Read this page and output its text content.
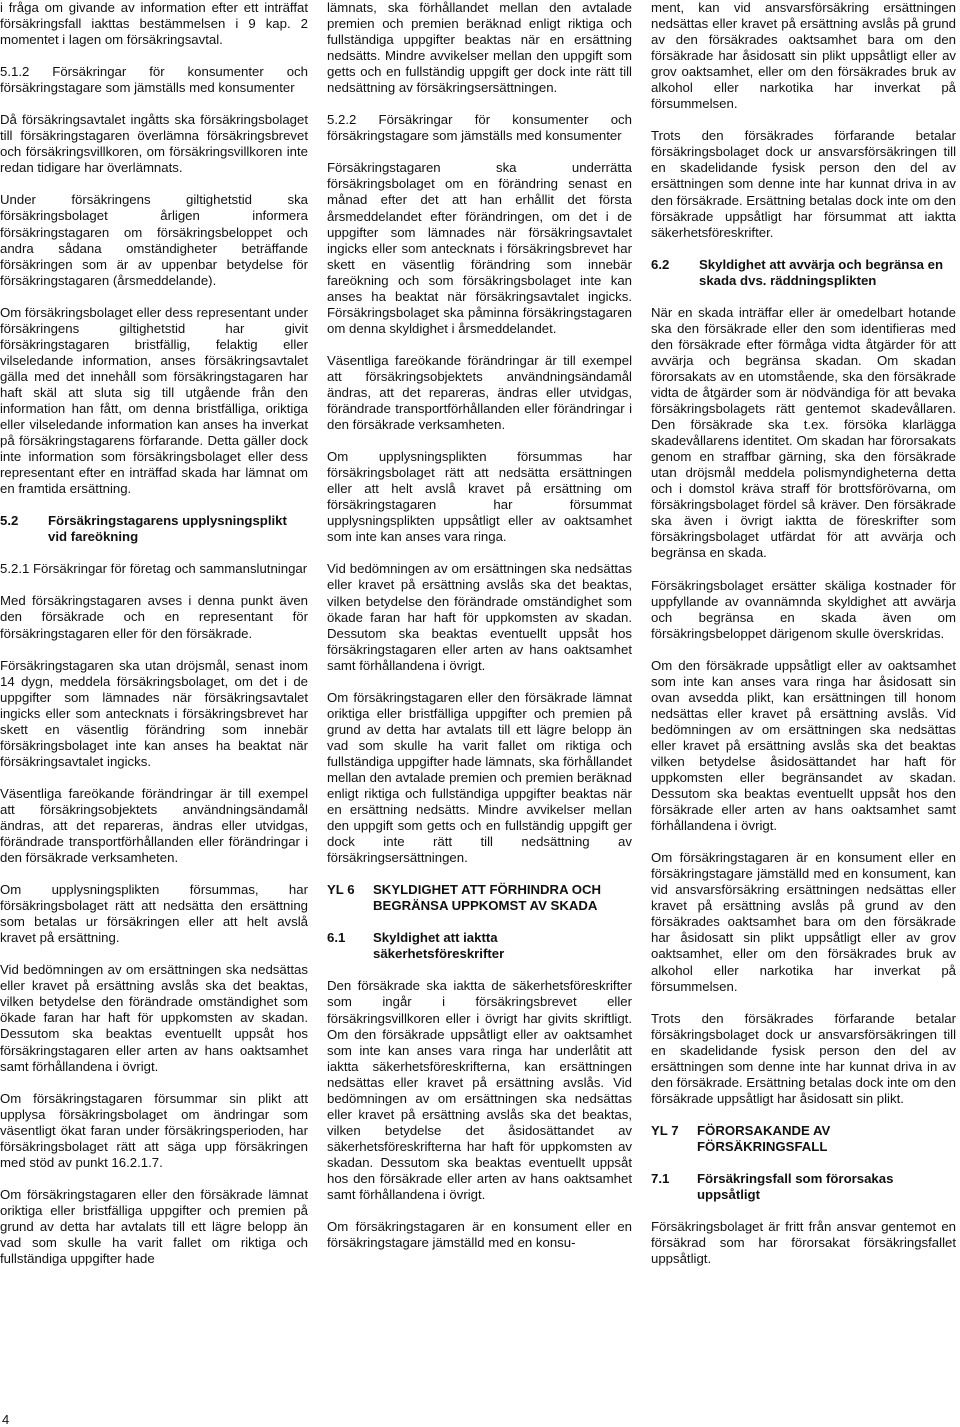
i fråga om givande av information efter ett inträffat försäkringsfall iakttas bestämmelsen i 9 kap. 2 momentet i lagen om försäkringsavtal.

5.1.2 Försäkringar för konsumenter och försäkringstagare som jämställs med konsumenter

Då försäkringsavtalet ingåtts ska försäkringsbolaget till försäkringstagaren överlämna försäkringsbrevet och försäkringsvillkoren, om försäkringsvillkoren inte redan tidigare har överlämnats.

Under försäkringens giltighetstid ska försäkringsbolaget årligen informera försäkringstagaren om försäkringsbeloppet och andra sådana omständigheter beträffande försäkringen som är av uppenbar betydelse för försäkringstagaren (årsmeddelande).

Om försäkringsbolaget eller dess representant under försäkringens giltighetstid har givit försäkringstagaren bristfällig, felaktig eller vilseledande information, anses försäkringsavtalet gälla med det innehåll som försäkringstagaren har haft skäl att sluta sig till utgående från den information han fått, om denna bristfälliga, oriktiga eller vilseledande information kan anses ha inverkat på försäkringstagarens förfarande. Detta gäller dock inte information som försäkringsbolaget eller dess representant efter en inträffad skada har lämnat om en framtida ersättning.

5.2	Försäkringstagarens upplysningsplikt vid fareökning

5.2.1 Försäkringar för företag och sammanslutningar

Med försäkringstagaren avses i denna punkt även den försäkrade och en representant för försäkringstagaren eller för den försäkrade.

Försäkringstagaren ska utan dröjsmål, senast inom 14 dygn, meddela försäkringsbolaget, om det i de uppgifter som lämnades när försäkringsavtalet ingicks eller som antecknats i försäkringsbrevet har skett en väsentlig förändring som innebär försäkringsbolaget inte kan anses ha beaktat när försäkringsavtalet ingicks.

Väsentliga fareökande förändringar är till exempel att försäkringsobjektets användningsändamål ändras, att det repareras, ändras eller utvidgas, förändrade transportförhållanden eller förändringar i den försäkrade verksamheten.

Om upplysningsplikten försummas, har försäkringsbolaget rätt att nedsätta den ersättning som betalas ur försäkringen eller att helt avslå kravet på ersättning.

Vid bedömningen av om ersättningen ska nedsättas eller kravet på ersättning avslås ska det beaktas, vilken betydelse den förändrade omständighet som ökade faran har haft för uppkomsten av skadan. Dessutom ska beaktas eventuellt uppsåt hos försäkringstagaren eller arten av hans oaktsamhet samt förhållandena i övrigt.

Om försäkringstagaren försummar sin plikt att upplysa försäkringsbolaget om ändringar som väsentligt ökat faran under försäkringsperioden, har försäkringsbolaget rätt att säga upp försäkringen med stöd av punkt 16.2.1.7.

Om försäkringstagaren eller den försäkrade lämnat oriktiga eller bristfälliga uppgifter och premien på grund av detta har avtalats till ett lägre belopp än vad som skulle ha varit fallet om riktiga och fullständiga uppgifter hade

lämnats, ska förhållandet mellan den avtalade premien och premien beräknad enligt riktiga och fullständiga uppgifter beaktas när en ersättning nedsätts. Mindre avvikelser mellan den uppgift som getts och en fullständig uppgift ger dock inte rätt till nedsättning av försäkringsersättningen.

5.2.2 Försäkringar för konsumenter och försäkringstagare som jämställs med konsumenter

Försäkringstagaren ska underrätta försäkringsbolaget om en förändring senast en månad efter det att han erhållit det första årsmeddelandet efter förändringen, om det i de uppgifter som lämnades när försäkringsavtalet ingicks eller som antecknats i försäkringsbrevet har skett en väsentlig förändring som innebär fareökning och som försäkringsbolaget inte kan anses ha beaktat när försäkringsavtalet ingicks. Försäkringsbolaget ska påminna försäkringstagaren om denna skyldighet i årsmeddelandet.

Väsentliga fareökande förändringar är till exempel att försäkringsobjektets användningsändamål ändras, att det repareras, ändras eller utvidgas, förändrade transportförhållanden eller förändringar i den försäkrade verksamheten.

Om upplysningsplikten försummas har försäkringsbolaget rätt att nedsätta ersättningen eller att helt avslå kravet på ersättning om försäkringstagaren har försummat upplysningsplikten uppsåtligt eller av oaktsamhet som inte kan anses vara ringa.

Vid bedömningen av om ersättningen ska nedsättas eller kravet på ersättning avslås ska det beaktas, vilken betydelse den förändrade omständighet som ökade faran har haft för uppkomsten av skadan. Dessutom ska beaktas eventuellt uppsåt hos försäkringstagaren eller arten av hans oaktsamhet samt förhållandena i övrigt.

Om försäkringstagaren eller den försäkrade lämnat oriktiga eller bristfälliga uppgifter och premien på grund av detta har avtalats till ett lägre belopp än vad som skulle ha varit fallet om riktiga och fullständiga uppgifter hade lämnats, ska förhållandet mellan den avtalade premien och premien beräknad enligt riktiga och fullständiga uppgifter beaktas när en ersättning nedsätts. Mindre avvikelser mellan den uppgift som getts och en fullständig uppgift ger dock inte rätt till nedsättning av försäkringsersättningen.

YL 6	SKYLDIGHET ATT FÖRHINDRA OCH BEGRÄNSA UPPKOMST AV SKADA
6.1	Skyldighet att iaktta säkerhetsföreskrifter

Den försäkrade ska iaktta de säkerhetsföreskrifter som ingår i försäkringsbrevet eller försäkringsvillkoren eller i övrigt har givits skriftligt. Om den försäkrade uppsåtligt eller av oaktsamhet som inte kan anses vara ringa har underlåtit att iaktta säkerhetsföreskrifterna, kan ersättningen nedsättas eller kravet på ersättning avslås. Vid bedömningen av om ersättningen ska nedsättas eller kravet på ersättning avslås ska det beaktas, vilken betydelse det åsidosättandet av säkerhetsföreskrifterna har haft för uppkomsten av skadan. Dessutom ska beaktas eventuellt uppsåt hos den försäkrade eller arten av hans oaktsamhet samt förhållandena i övrigt.

Om försäkringstagaren är en konsument eller en försäkringstagare jämställd med en konsu-

ment, kan vid ansvarsförsäkring ersättningen nedsättas eller kravet på ersättning avslås på grund av den försäkrades oaktsamhet bara om den försäkrade har åsidosatt sin plikt uppsåtligt eller av grov oaktsamhet, eller om den försäkrades bruk av alkohol eller narkotika har inverkat på försummelsen.

Trots den försäkrades förfarande betalar försäkringsbolaget dock ur ansvarsförsäkringen till en skadelidande fysisk person den del av ersättningen som denne inte har kunnat driva in av den försäkrade. Ersättning betalas dock inte om den försäkrade uppsåtligt har försummat att iaktta säkerhetsföreskrifter.

6.2	Skyldighet att avvärja och begränsa en skada dvs. räddningsplikten

När en skada inträffar eller är omedelbart hotande ska den försäkrade eller den som identifieras med den försäkrade efter förmåga vidta åtgärder för att avvärja och begränsa skadan. Om skadan förorsakats av en utomstående, ska den försäkrade vidta de åtgärder som är nödvändiga för att bevaka försäkringsbolagets rätt gentemot skadevållaren. Den försäkrade ska t.ex. försöka klarlägga skadevållarens identitet. Om skadan har förorsakats genom en straffbar gärning, ska den försäkrade utan dröjsmål meddela polismyndigheterna detta och i domstol kräva straff för brottsförövarna, om försäkringsbolaget fördel så kräver. Den försäkrade ska även i övrigt iaktta de föreskrifter som försäkringsbolaget utfärdat för att avvärja och begränsa en skada.

Försäkringsbolaget ersätter skäliga kostnader för uppfyllande av ovannämnda skyldighet att avvärja och begränsa en skada även om försäkringsbeloppet därigenom skulle överskridas.

Om den försäkrade uppsåtligt eller av oaktsamhet som inte kan anses vara ringa har åsidosatt sin ovan avsedda plikt, kan ersättningen till honom nedsättas eller kravet på ersättning avslås. Vid bedömningen av om ersättningen ska nedsättas eller kravet på ersättning avslås ska det beaktas vilken betydelse åsidosättandet har haft för uppkomsten eller begränsandet av skadan. Dessutom ska beaktas eventuellt uppsåt hos den försäkrade eller arten av hans oaktsamhet samt förhållandena i övrigt.

Om försäkringstagaren är en konsument eller en försäkringstagare jämställd med en konsument, kan vid ansvarsförsäkring ersättningen nedsättas eller kravet på ersättning avslås på grund av den försäkrades oaktsamhet bara om den försäkrade har åsidosatt sin plikt uppsåtligt eller av grov oaktsamhet, eller om den försäkrades bruk av alkohol eller narkotika har inverkat på försummelsen.

Trots den försäkrades förfarande betalar försäkringsbolaget dock ur ansvarsförsäkringen till en skadelidande fysisk person den del av ersättningen som denne inte har kunnat driva in av den försäkrade. Ersättning betalas dock inte om den försäkrade uppsåtligt har åsidosatt sin plikt.

YL 7	FÖRORSAKANDE AV FÖRSÄKRINGSFALL
7.1	Försäkringsfall som förorsakas uppsåtligt

Försäkringsbolaget är fritt från ansvar gentemot en försäkrad som har förorsakat försäkringsfallet uppsåtligt.

4
